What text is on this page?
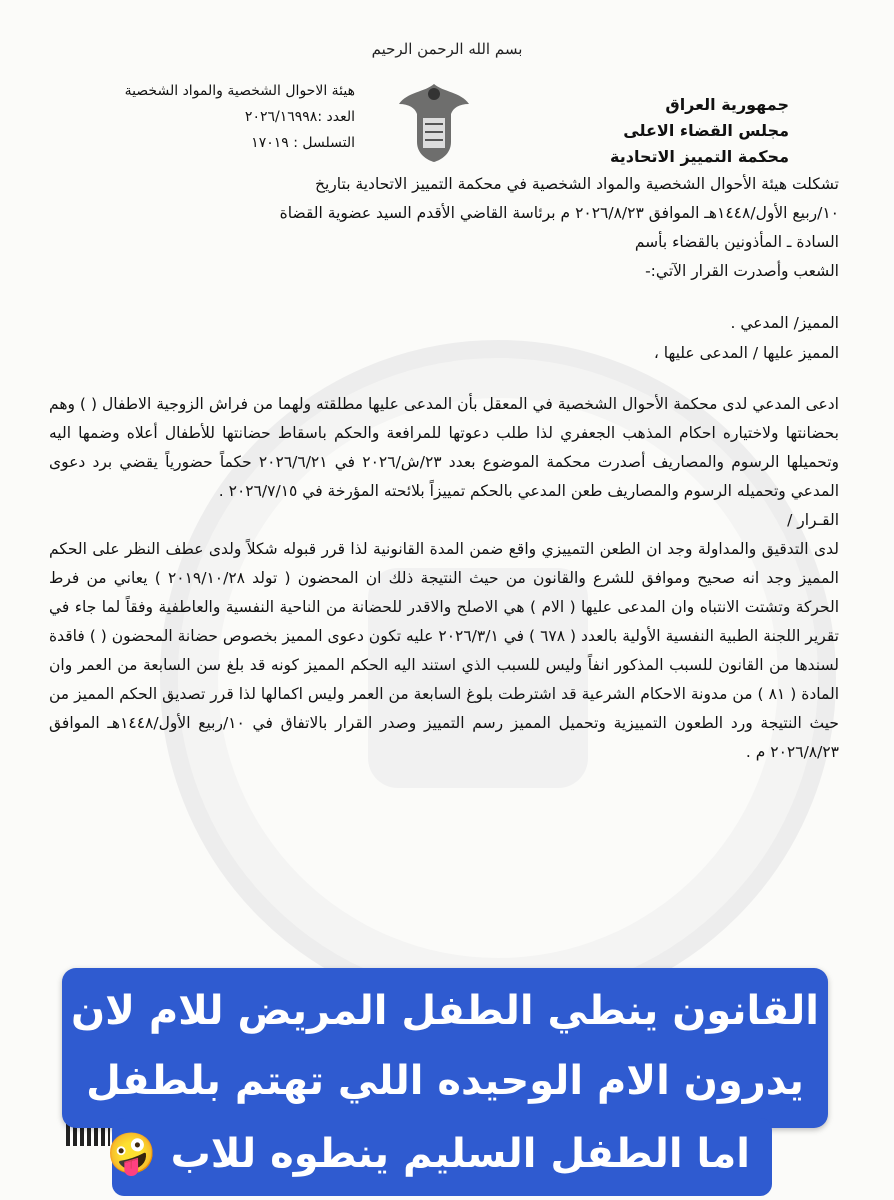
بسم الله الرحمن الرحيم
جمهورية العراق
مجلس القضاء الاعلى
محكمة التمييز الاتحادية
هيئة الاحوال الشخصية والمواد الشخصية
العدد :٢٠٢٦/١٦٩٩٨
التسلسل : ١٧٠١٩

تشكلت هيئة الأحوال الشخصية والمواد الشخصية في محكمة التمييز الاتحادية بتاريخ

١٠/ربيع الأول/١٤٤٨هـ الموافق ٢٠٢٦/٨/٢٣ م برئاسة القاضي الأقدم السيد عضوية القضاة

السادة ـ المأذونين بالقضاء بأسم

الشعب وأصدرت القرار الآتي:-

المميز/ المدعي .

المميز عليها / المدعى عليها ،

ادعى المدعي لدى محكمة الأحوال الشخصية في المعقل بأن المدعى عليها مطلقته ولهما من فراش الزوجية الاطفال ( ) وهم بحضانتها ولاختياره احكام المذهب الجعفري لذا طلب دعوتها للمرافعة والحكم باسقاط حضانتها للأطفال أعلاه وضمها اليه وتحميلها الرسوم والمصاريف أصدرت محكمة الموضوع بعدد ٢٣/ش/٢٠٢٦ في ٢٠٢٦/٦/٢١ حكماً حضورياً يقضي برد دعوى المدعي وتحميله الرسوم والمصاريف طعن المدعي بالحكم تمييزاً بلائحته المؤرخة في ٢٠٢٦/٧/١٥ .

القـرار /

لدى التدقيق والمداولة وجد ان الطعن التمييزي واقع ضمن المدة القانونية لذا قرر قبوله شكلاً ولدى عطف النظر على الحكم المميز وجد انه صحيح وموافق للشرع والقانون من حيث النتيجة ذلك ان المحضون ( تولد ٢٠١٩/١٠/٢٨ ) يعاني من فرط الحركة وتشتت الانتباه وان المدعى عليها ( الام ) هي الاصلح والاقدر للحضانة من الناحية النفسية والعاطفية وفقاً لما جاء في تقرير اللجنة الطبية النفسية الأولية بالعدد ( ٦٧٨ ) في ٢٠٢٦/٣/١ عليه تكون دعوى المميز بخصوص حضانة المحضون ( ) فاقدة لسندها من القانون للسبب المذكور انفاً وليس للسبب الذي استند اليه الحكم المميز كونه قد بلغ سن السابعة من العمر وان المادة ( ٨١ ) من مدونة الاحكام الشرعية قد اشترطت بلوغ السابعة من العمر وليس اكمالها لذا قرر تصديق الحكم المميز من حيث النتيجة ورد الطعون التمييزية وتحميل المميز رسم التمييز وصدر القرار بالاتفاق في ١٠/ربيع الأول/١٤٤٨هـ الموافق ٢٠٢٦/٨/٢٣ م .

القانون ينطي الطفل المريض للام لان
يدرون الام الوحيده اللي تهتم بلطفل
اما الطفل السليم ينطوه للاب 🤪
